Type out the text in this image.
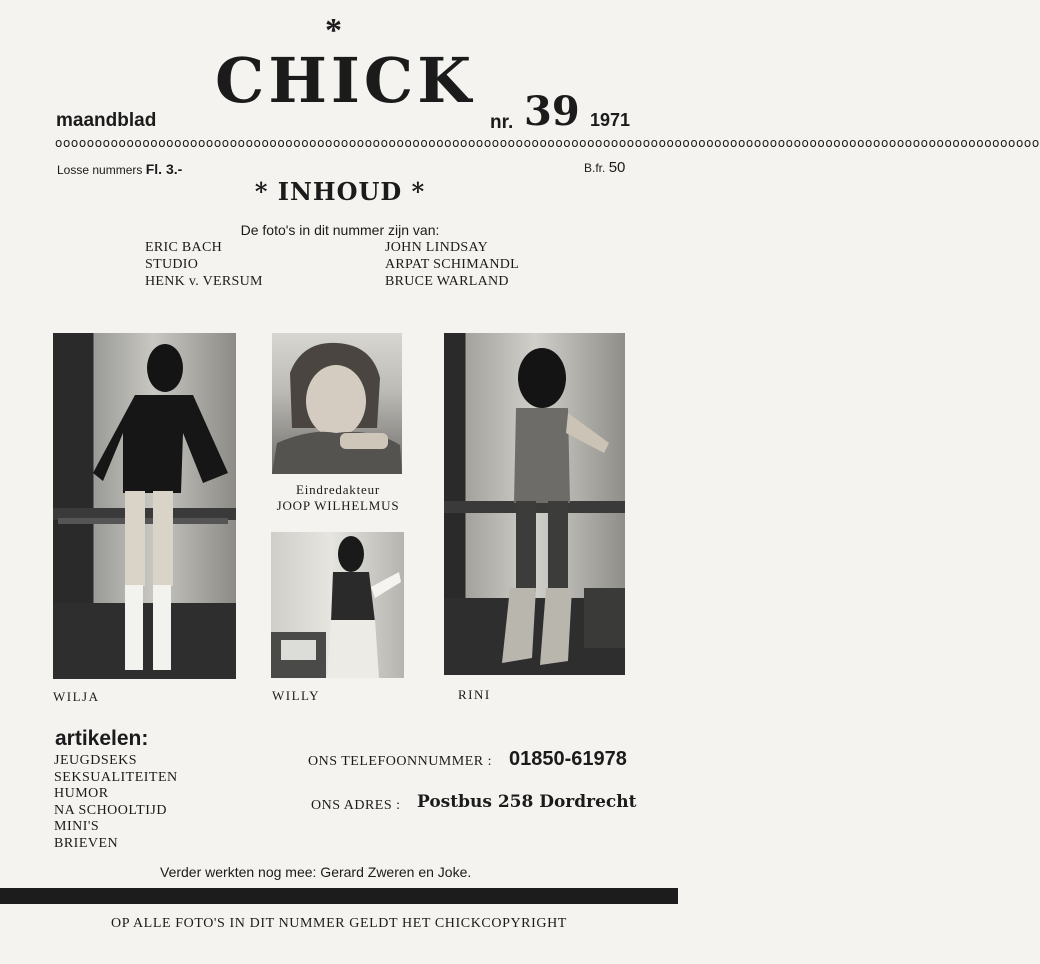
*
CHICK
maandblad	nr. 39 1971
oooooooooooooooooooooooooooooooooooooooooooooooooooooooooooooooooooooooooooooooooooooooooooooooooooooooooooooooooooooooooooo
Losse nummers Fl. 3.-	B.fr. 50
* INHOUD *
De foto's in dit nummer zijn van:
ERIC BACH
STUDIO
HENK v. VERSUM
JOHN LINDSAY
ARPAT SCHIMANDL
BRUCE WARLAND
Eindredakteur
JOOP WILHELMUS
WILJA	WILLY	RINI
artikelen:
JEUGDSEKS
SEKSUALITEITEN
HUMOR
NA SCHOOLTIJD
MINI'S
BRIEVEN
ONS TELEFOONNUMMER : 01850-61978
ONS ADRES : Postbus 258 Dordrecht
Verder werkten nog mee: Gerard Zweren en Joke.
OP ALLE FOTO'S IN DIT NUMMER GELDT HET CHICKCOPYRIGHT
